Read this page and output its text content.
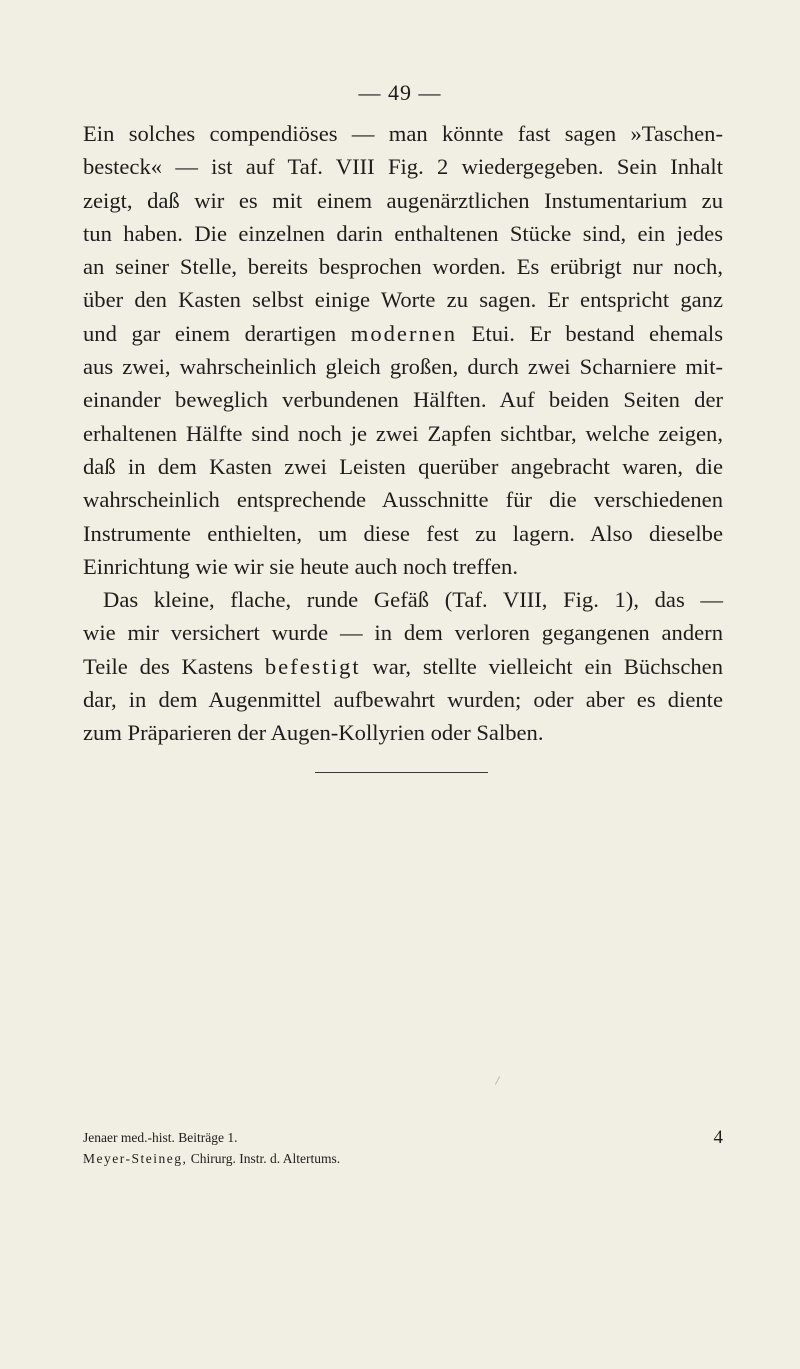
— 49 —
Ein solches compendiöses — man könnte fast sagen »Taschen-
besteck« — ist auf Taf. VIII Fig. 2 wiedergegeben. Sein Inhalt
zeigt, daß wir es mit einem augenärztlichen Instumentarium zu
tun haben. Die einzelnen darin enthaltenen Stücke sind, ein jedes
an seiner Stelle, bereits besprochen worden. Es erübrigt nur noch,
über den Kasten selbst einige Worte zu sagen. Er entspricht ganz
und gar einem derartigen modernen Etui. Er bestand ehemals
aus zwei, wahrscheinlich gleich großen, durch zwei Scharniere mit-
einander beweglich verbundenen Hälften. Auf beiden Seiten der
erhaltenen Hälfte sind noch je zwei Zapfen sichtbar, welche zeigen,
daß in dem Kasten zwei Leisten querüber angebracht waren, die
wahrscheinlich entsprechende Ausschnitte für die verschiedenen
Instrumente enthielten, um diese fest zu lagern. Also dieselbe
Einrichtung wie wir sie heute auch noch treffen.
Das kleine, flache, runde Gefäß (Taf. VIII, Fig. 1), das —
wie mir versichert wurde — in dem verloren gegangenen andern
Teile des Kastens befestigt war, stellte vielleicht ein Büchschen
dar, in dem Augenmittel aufbewahrt wurden; oder aber es diente
zum Präparieren der Augen-Kollyrien oder Salben.
Jenaer med.-hist. Beiträge 1.
Meyer-Steineg, Chirurg. Instr. d. Altertums.
4
